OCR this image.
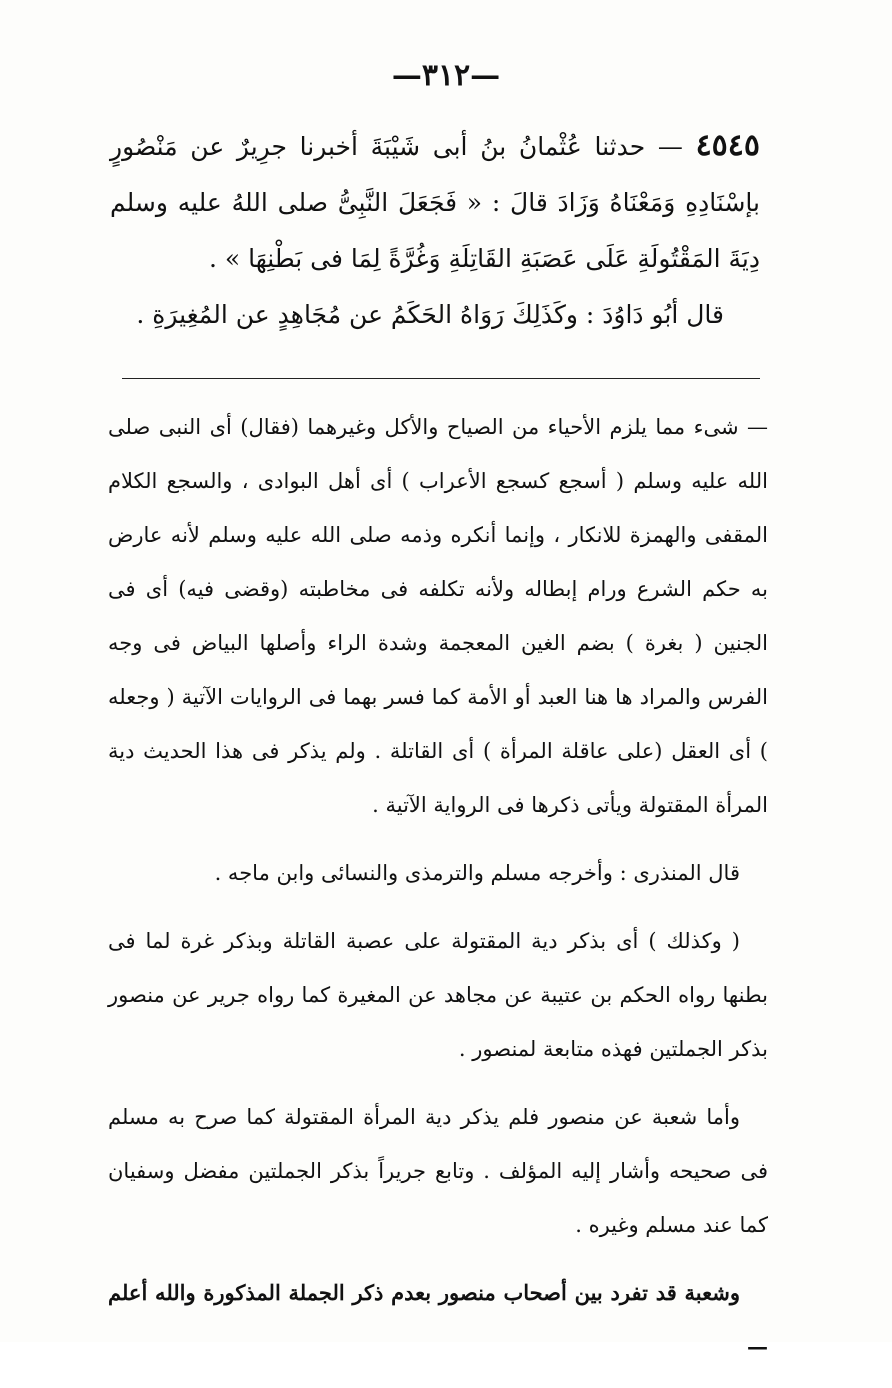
—٣١٢—

٤٥٤٥ — حدثنا عُثْمانُ بنُ أبى شَيْبَةَ أخبرنا جرِيرٌ عن مَنْصُورٍ بإسْنَادِهِ وَمَعْنَاهُ وَزَادَ قالَ : « فَجَعَلَ النَّبِىُّ صلى اللهُ عليه وسلم دِيَةَ المَقْتُولَةِ عَلَى عَصَبَةِ القَاتِلَةِ وَغُرَّةً لِمَا فى بَطْنِهَا » .

قال أبُو دَاوُدَ : وكَذَلِكَ رَوَاهُ الحَكَمُ عن مُجَاهِدٍ عن المُغِيرَةِ .

— شىء مما يلزم الأحياء من الصياح والأكل وغيرهما (فقال) أى النبى صلى الله عليه وسلم ( أسجع كسجع الأعراب ) أى أهل البوادى ، والسجع الكلام المقفى والهمزة للانكار ، وإنما أنكره وذمه صلى الله عليه وسلم لأنه عارض به حكم الشرع ورام إبطاله ولأنه تكلفه فى مخاطبته (وقضى فيه) أى فى الجنين ( بغرة ) بضم الغين المعجمة وشدة الراء وأصلها البياض فى وجه الفرس والمراد ها هنا العبد أو الأمة كما فسر بهما فى الروايات الآتية ( وجعله ) أى العقل (على عاقلة المرأة ) أى القاتلة . ولم يذكر فى هذا الحديث دية المرأة المقتولة ويأتى ذكرها فى الرواية الآتية .

قال المنذرى : وأخرجه مسلم والترمذى والنسائى وابن ماجه .

( وكذلك ) أى بذكر دية المقتولة على عصبة القاتلة وبذكر غرة لما فى بطنها رواه الحكم بن عتيبة عن مجاهد عن المغيرة كما رواه جرير عن منصور بذكر الجملتين فهذه متابعة لمنصور .

وأما شعبة عن منصور فلم يذكر دية المرأة المقتولة كما صرح به مسلم فى صحيحه وأشار إليه المؤلف . وتابع جريراً بذكر الجملتين مفضل وسفيان كما عند مسلم وغيره .

وشعبة قد تفرد بين أصحاب منصور بعدم ذكر الجملة المذكورة والله أعلم —
